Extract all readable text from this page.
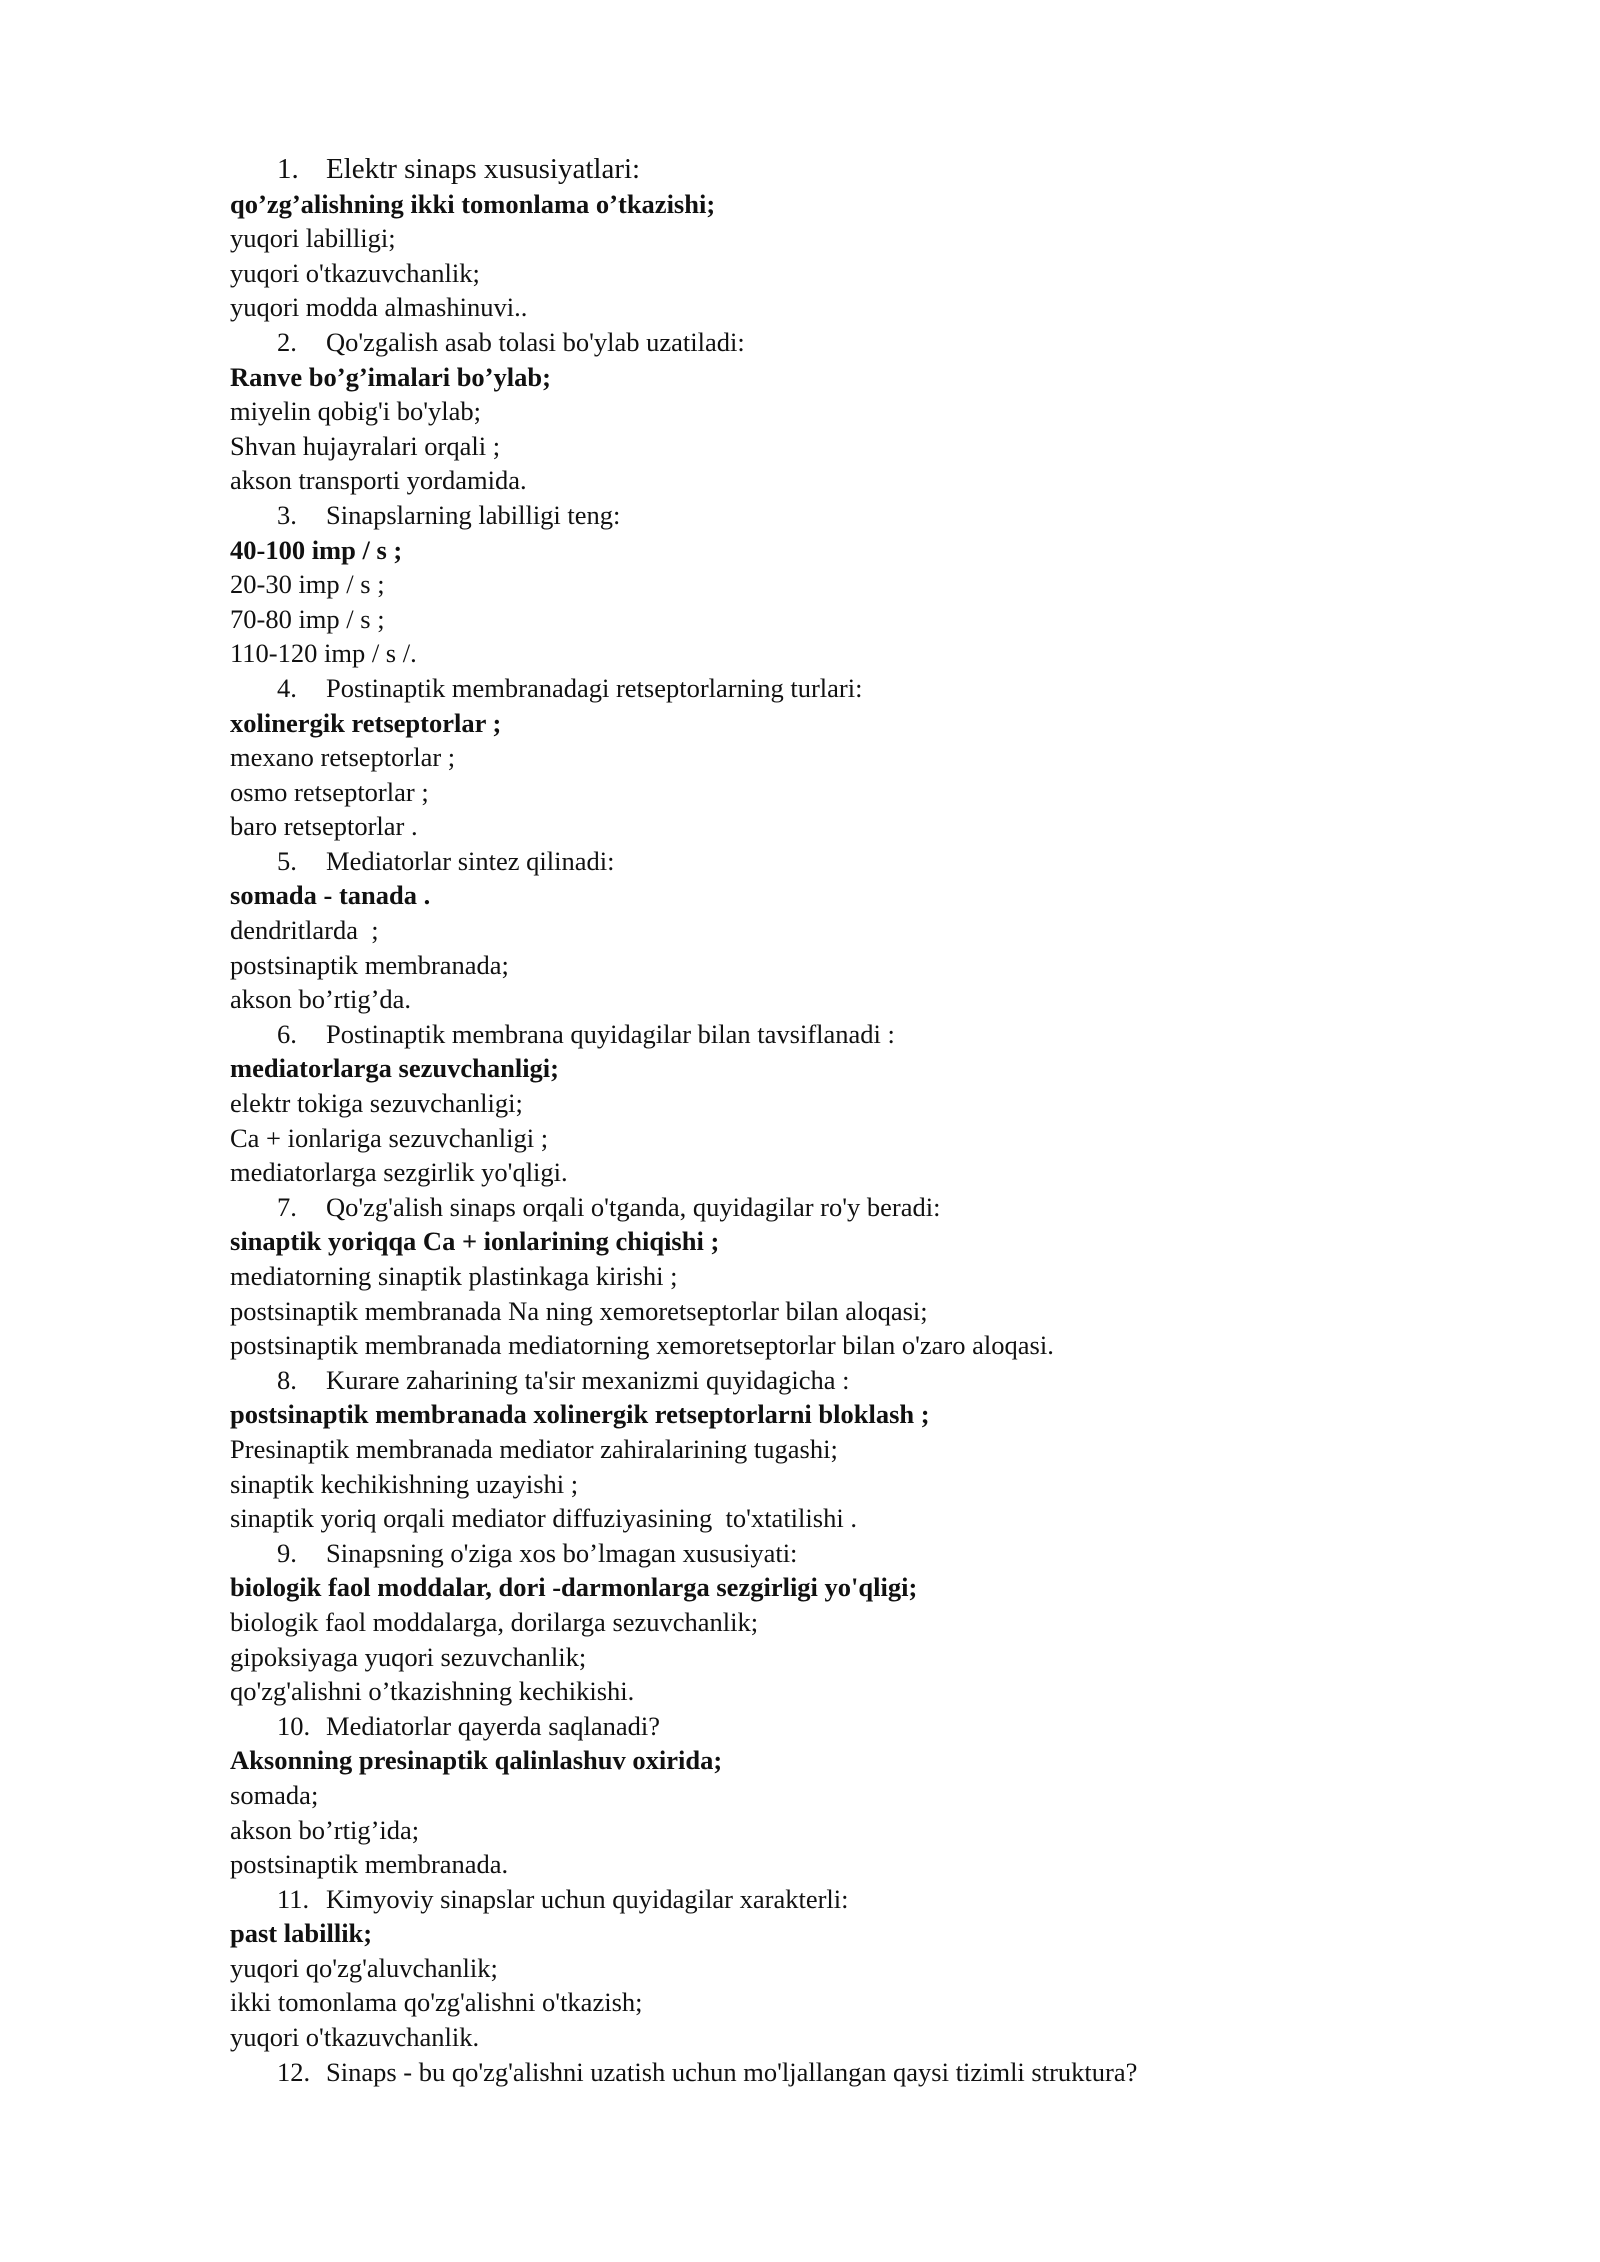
1. Elektr sinaps xususiyatlari:

qo’zg’alishning ikki tomonlama o’tkazishi;

yuqori labilligi;

yuqori o'tkazuvchanlik;

yuqori modda almashinuvi..

2. Qo'zgalish asab tolasi bo'ylab uzatiladi:

Ranve bo’g’imalari bo’ylab;

miyelin qobig'i bo'ylab;

Shvan hujayralari orqali ;

akson transporti yordamida.

3. Sinapslarning labilligi teng:

40-100 imp / s ;

20-30 imp / s ;

70-80 imp / s ;

110-120 imp / s /.

4. Postinaptik membranadagi retseptorlarning turlari:

xolinergik retseptorlar ;

mexano retseptorlar ;

osmo retseptorlar ;

baro retseptorlar .

5. Mediatorlar sintez qilinadi:

somada - tanada .

dendritlarda  ;

postsinaptik membranada;

akson bo’rtig’da.

6. Postinaptik membrana quyidagilar bilan tavsiflanadi :

mediatorlarga sezuvchanligi;

elektr tokiga sezuvchanligi;

Ca + ionlariga sezuvchanligi ;

mediatorlarga sezgirlik yo'qligi.

7. Qo'zg'alish sinaps orqali o'tganda, quyidagilar ro'y beradi:

sinaptik yoriqqa Ca + ionlarining chiqishi ;

mediatorning sinaptik plastinkaga kirishi ;

postsinaptik membranada Na ning xemoretseptorlar bilan aloqasi;

postsinaptik membranada mediatorning xemoretseptorlar bilan o'zaro aloqasi.

8. Kurare zaharining ta'sir mexanizmi quyidagicha :

postsinaptik membranada xolinergik retseptorlarni bloklash ;

Presinaptik membranada mediator zahiralarining tugashi;

sinaptik kechikishning uzayishi ;

sinaptik yoriq orqali mediator diffuziyasining  to'xtatilishi .

9. Sinapsning o'ziga xos bo’lmagan xususiyati:

biologik faol moddalar, dori -darmonlarga sezgirligi yo'qligi;

biologik faol moddalarga, dorilarga sezuvchanlik;

gipoksiyaga yuqori sezuvchanlik;

qo'zg'alishni o’tkazishning kechikishi.

10. Mediatorlar qayerda saqlanadi?

Aksonning presinaptik qalinlashuv oxirida;

somada;

akson bo’rtig’ida;

postsinaptik membranada.

11. Kimyoviy sinapslar uchun quyidagilar xarakterli:

past labillik;

yuqori qo'zg'aluvchanlik;

ikki tomonlama qo'zg'alishni o'tkazish;

yuqori o'tkazuvchanlik.

12. Sinaps - bu qo'zg'alishni uzatish uchun mo'ljallangan qaysi tizimli struktura?
